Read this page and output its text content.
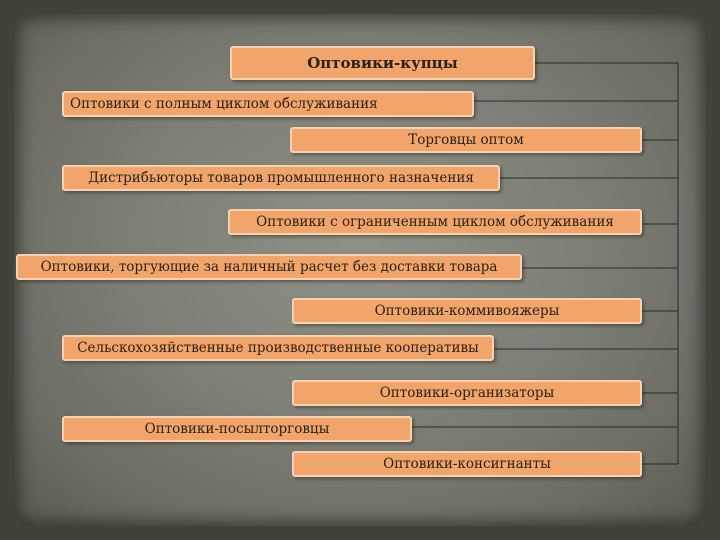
Оптовики-купцы
Оптовики с полным циклом обслуживания
Торговцы оптом
Дистрибьюторы товаров промышленного назначения
Оптовики с ограниченным циклом обслуживания
Оптовики, торгующие за наличный расчет без доставки товара
Оптовики-коммивояжеры
Сельскохозяйственные производственные кооперативы
Оптовики-организаторы
Оптовики-посылторговцы
Оптовики-консигнанты
